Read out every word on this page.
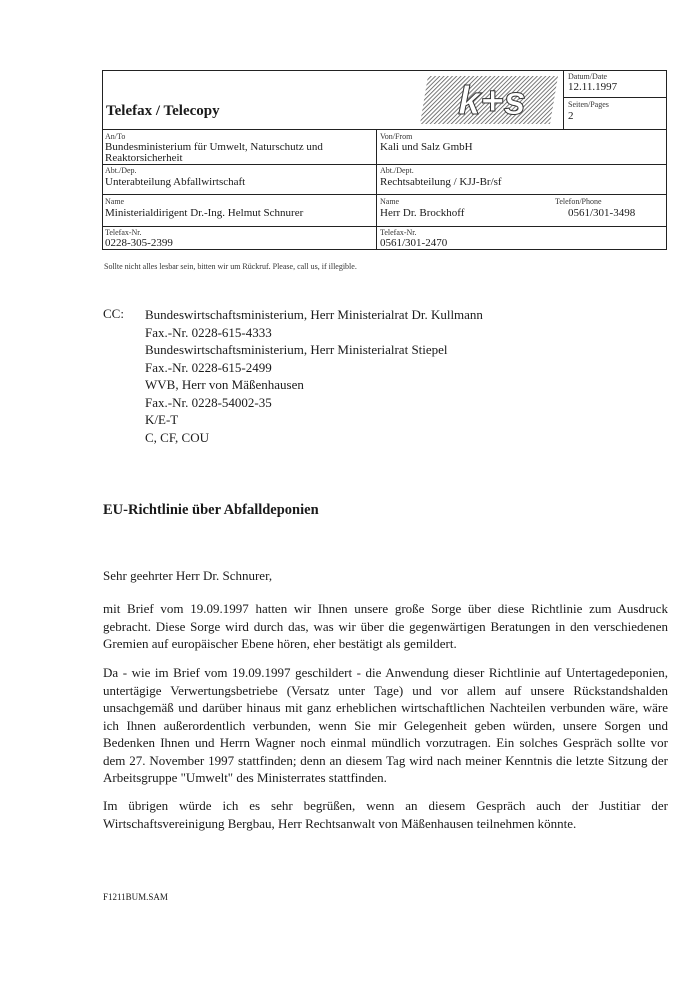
Telefax / Telecopy	k+s
Datum/Date
12.11.1997
Seiten/Pages
2
An/To
Bundesministerium für Umwelt, Naturschutz und
Reaktorsicherheit
Von/From
Kali und Salz GmbH
Abt./Dep.
Unterabteilung Abfallwirtschaft
Abt./Dept.
Rechtsabteilung / KJJ-Br/sf
Name
Ministerialdirigent Dr.-Ing. Helmut Schnurer
Name
Herr Dr. Brockhoff
Telefon/Phone
0561/301-3498
Telefax-Nr.
0228-305-2399
Telefax-Nr.
0561/301-2470
Sollte nicht alles lesbar sein, bitten wir um Rückruf. Please, call us, if illegible.
CC: Bundeswirtschaftsministerium, Herr Ministerialrat Dr. Kullmann
Fax.-Nr. 0228-615-4333
Bundeswirtschaftsministerium, Herr Ministerialrat Stiepel
Fax.-Nr. 0228-615-2499
WVB, Herr von Mäßenhausen
Fax.-Nr. 0228-54002-35
K/E-T
C, CF, COU
EU-Richtlinie über Abfalldeponien
Sehr geehrter Herr Dr. Schnurer,
mit Brief vom 19.09.1997 hatten wir Ihnen unsere große Sorge über diese Richtlinie zum Ausdruck gebracht. Diese Sorge wird durch das, was wir über die gegenwärtigen Beratungen in den verschiedenen Gremien auf europäischer Ebene hören, eher bestätigt als gemildert.
Da - wie im Brief vom 19.09.1997 geschildert - die Anwendung dieser Richtlinie auf Untertagedeponien, untertägige Verwertungsbetriebe (Versatz unter Tage) und vor allem auf unsere Rückstandshalden unsachgemäß und darüber hinaus mit ganz erheblichen wirtschaftlichen Nachteilen verbunden wäre, wäre ich Ihnen außerordentlich verbunden, wenn Sie mir Gelegenheit geben würden, unsere Sorgen und Bedenken Ihnen und Herrn Wagner noch einmal mündlich vorzutragen. Ein solches Gespräch sollte vor dem 27. November 1997 stattfinden; denn an diesem Tag wird nach meiner Kenntnis die letzte Sitzung der Arbeitsgruppe "Umwelt" des Ministerrates stattfinden.
Im übrigen würde ich es sehr begrüßen, wenn an diesem Gespräch auch der Justitiar der Wirtschaftsvereinigung Bergbau, Herr Rechtsanwalt von Mäßenhausen teilnehmen könnte.
F1211BUM.SAM
